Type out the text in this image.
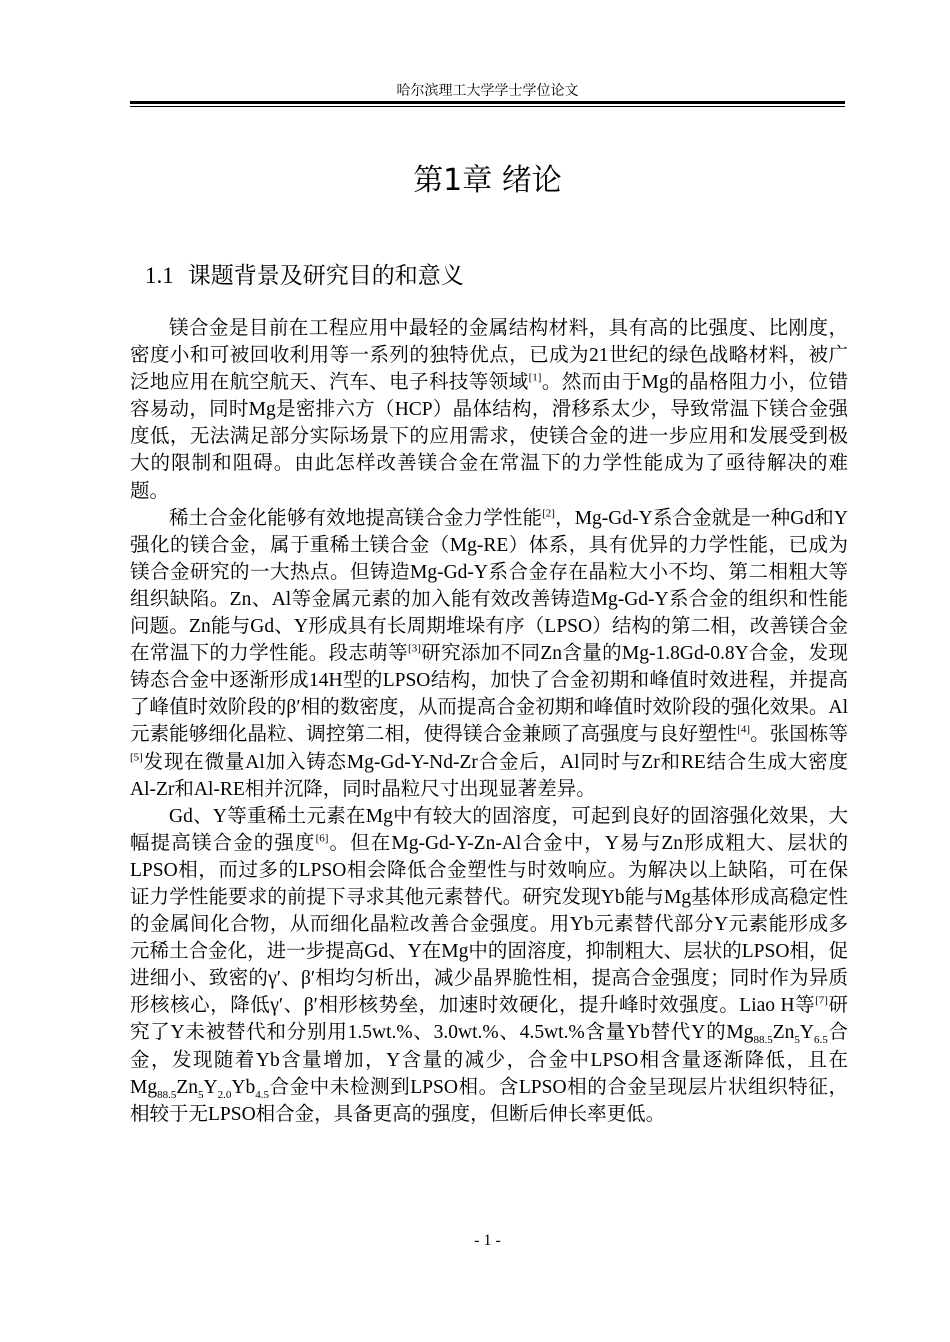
哈尔滨理工大学学士学位论文
第1章 绪论
1.1 课题背景及研究目的和意义

镁合金是目前在工程应用中最轻的金属结构材料，具有高的比强度、比刚度，密度小和可被回收利用等一系列的独特优点，已成为21世纪的绿色战略材料，被广泛地应用在航空航天、汽车、电子科技等领域[1]。然而由于Mg的晶格阻力小，位错容易动，同时Mg是密排六方（HCP）晶体结构，滑移系太少，导致常温下镁合金强度低，无法满足部分实际场景下的应用需求，使镁合金的进一步应用和发展受到极大的限制和阻碍。由此怎样改善镁合金在常温下的力学性能成为了亟待解决的难题。

稀土合金化能够有效地提高镁合金力学性能[2]，Mg-Gd-Y系合金就是一种Gd和Y强化的镁合金，属于重稀土镁合金（Mg-RE）体系，具有优异的力学性能，已成为镁合金研究的一大热点。但铸造Mg-Gd-Y系合金存在晶粒大小不均、第二相粗大等组织缺陷。Zn、Al等金属元素的加入能有效改善铸造Mg-Gd-Y系合金的组织和性能问题。Zn能与Gd、Y形成具有长周期堆垛有序（LPSO）结构的第二相，改善镁合金在常温下的力学性能。段志萌等[3]研究添加不同Zn含量的Mg-1.8Gd-0.8Y合金，发现铸态合金中逐渐形成14H型的LPSO结构，加快了合金初期和峰值时效进程，并提高了峰值时效阶段的β′相的数密度，从而提高合金初期和峰值时效阶段的强化效果。Al元素能够细化晶粒、调控第二相，使得镁合金兼顾了高强度与良好塑性[4]。张国栋等[5]发现在微量Al加入铸态Mg-Gd-Y-Nd-Zr合金后，Al同时与Zr和RE结合生成大密度Al-Zr和Al-RE相并沉降，同时晶粒尺寸出现显著差异。

Gd、Y等重稀土元素在Mg中有较大的固溶度，可起到良好的固溶强化效果，大幅提高镁合金的强度[6]。但在Mg-Gd-Y-Zn-Al合金中，Y易与Zn形成粗大、层状的LPSO相，而过多的LPSO相会降低合金塑性与时效响应。为解决以上缺陷，可在保证力学性能要求的前提下寻求其他元素替代。研究发现Yb能与Mg基体形成高稳定性的金属间化合物，从而细化晶粒改善合金强度。用Yb元素替代部分Y元素能形成多元稀土合金化，进一步提高Gd、Y在Mg中的固溶度，抑制粗大、层状的LPSO相，促进细小、致密的γ′、β′相均匀析出，减少晶界脆性相，提高合金强度；同时作为异质形核核心，降低γ′、β′相形核势垒，加速时效硬化，提升峰时效强度。Liao H等[7]研究了Y未被替代和分别用1.5wt.%、3.0wt.%、4.5wt.%含量Yb替代Y的$Mg_{88.5}Zn_5Y_{6.5}$合金，发现随着Yb含量增加，Y含量的减少，合金中LPSO相含量逐渐降低，且在$Mg_{88.5}Zn_5Y_{2.0}Yb_{4.5}$合金中未检测到LPSO相。含LPSO相的合金呈现层片状组织特征，相较于无LPSO相合金，具备更高的强度，但断后伸长率更低。

- 1 -
